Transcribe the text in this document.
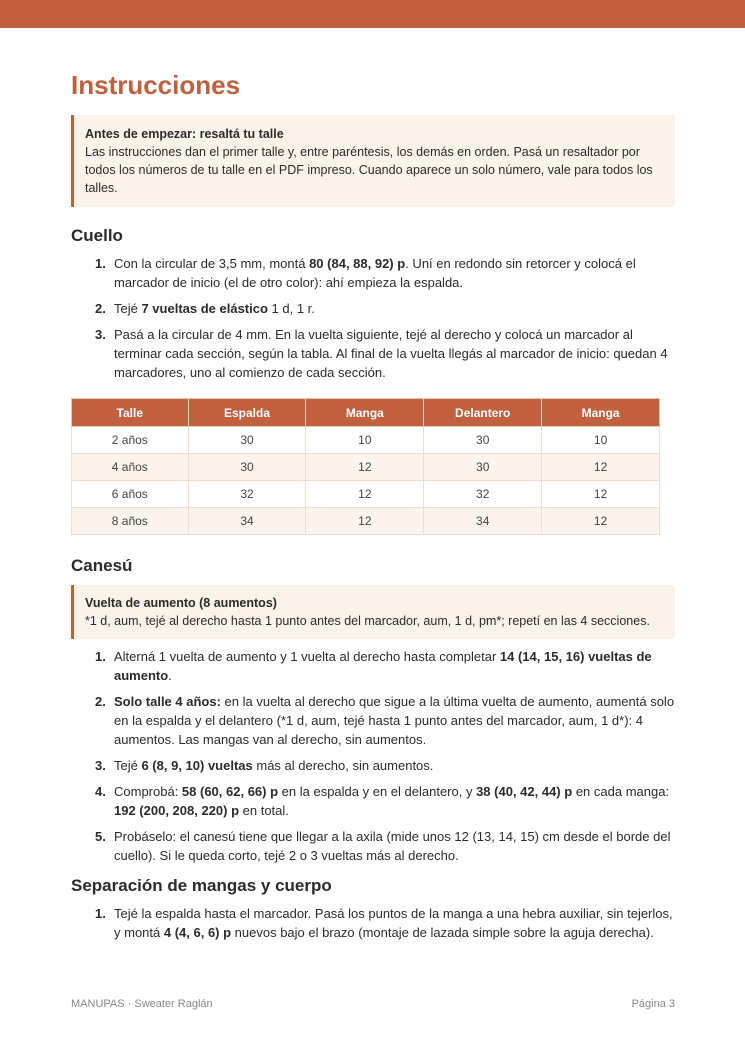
Instrucciones
Antes de empezar: resaltá tu talle
Las instrucciones dan el primer talle y, entre paréntesis, los demás en orden. Pasá un resaltador por todos los números de tu talle en el PDF impreso. Cuando aparece un solo número, vale para todos los talles.
Cuello
1. Con la circular de 3,5 mm, montá 80 (84, 88, 92) p. Uní en redondo sin retorcer y colocá el marcador de inicio (el de otro color): ahí empieza la espalda.
2. Tejé 7 vueltas de elástico 1 d, 1 r.
3. Pasá a la circular de 4 mm. En la vuelta siguiente, tejé al derecho y colocá un marcador al terminar cada sección, según la tabla. Al final de la vuelta llegás al marcador de inicio: quedan 4 marcadores, uno al comienzo de cada sección.
Talle	Espalda	Manga	Delantero	Manga
2 años	30	10	30	10
4 años	30	12	30	12
6 años	32	12	32	12
8 años	34	12	34	12
Canesú
Vuelta de aumento (8 aumentos)
*1 d, aum, tejé al derecho hasta 1 punto antes del marcador, aum, 1 d, pm*; repetí en las 4 secciones.
1. Alterná 1 vuelta de aumento y 1 vuelta al derecho hasta completar 14 (14, 15, 16) vueltas de aumento.
2. Solo talle 4 años: en la vuelta al derecho que sigue a la última vuelta de aumento, aumentá solo en la espalda y el delantero (*1 d, aum, tejé hasta 1 punto antes del marcador, aum, 1 d*): 4 aumentos. Las mangas van al derecho, sin aumentos.
3. Tejé 6 (8, 9, 10) vueltas más al derecho, sin aumentos.
4. Comprobá: 58 (60, 62, 66) p en la espalda y en el delantero, y 38 (40, 42, 44) p en cada manga: 192 (200, 208, 220) p en total.
5. Probáselo: el canesú tiene que llegar a la axila (mide unos 12 (13, 14, 15) cm desde el borde del cuello). Si le queda corto, tejé 2 o 3 vueltas más al derecho.
Separación de mangas y cuerpo
1. Tejé la espalda hasta el marcador. Pasá los puntos de la manga a una hebra auxiliar, sin tejerlos, y montá 4 (4, 6, 6) p nuevos bajo el brazo (montaje de lazada simple sobre la aguja derecha).
MANUPAS · Sweater Raglán	Página 3
